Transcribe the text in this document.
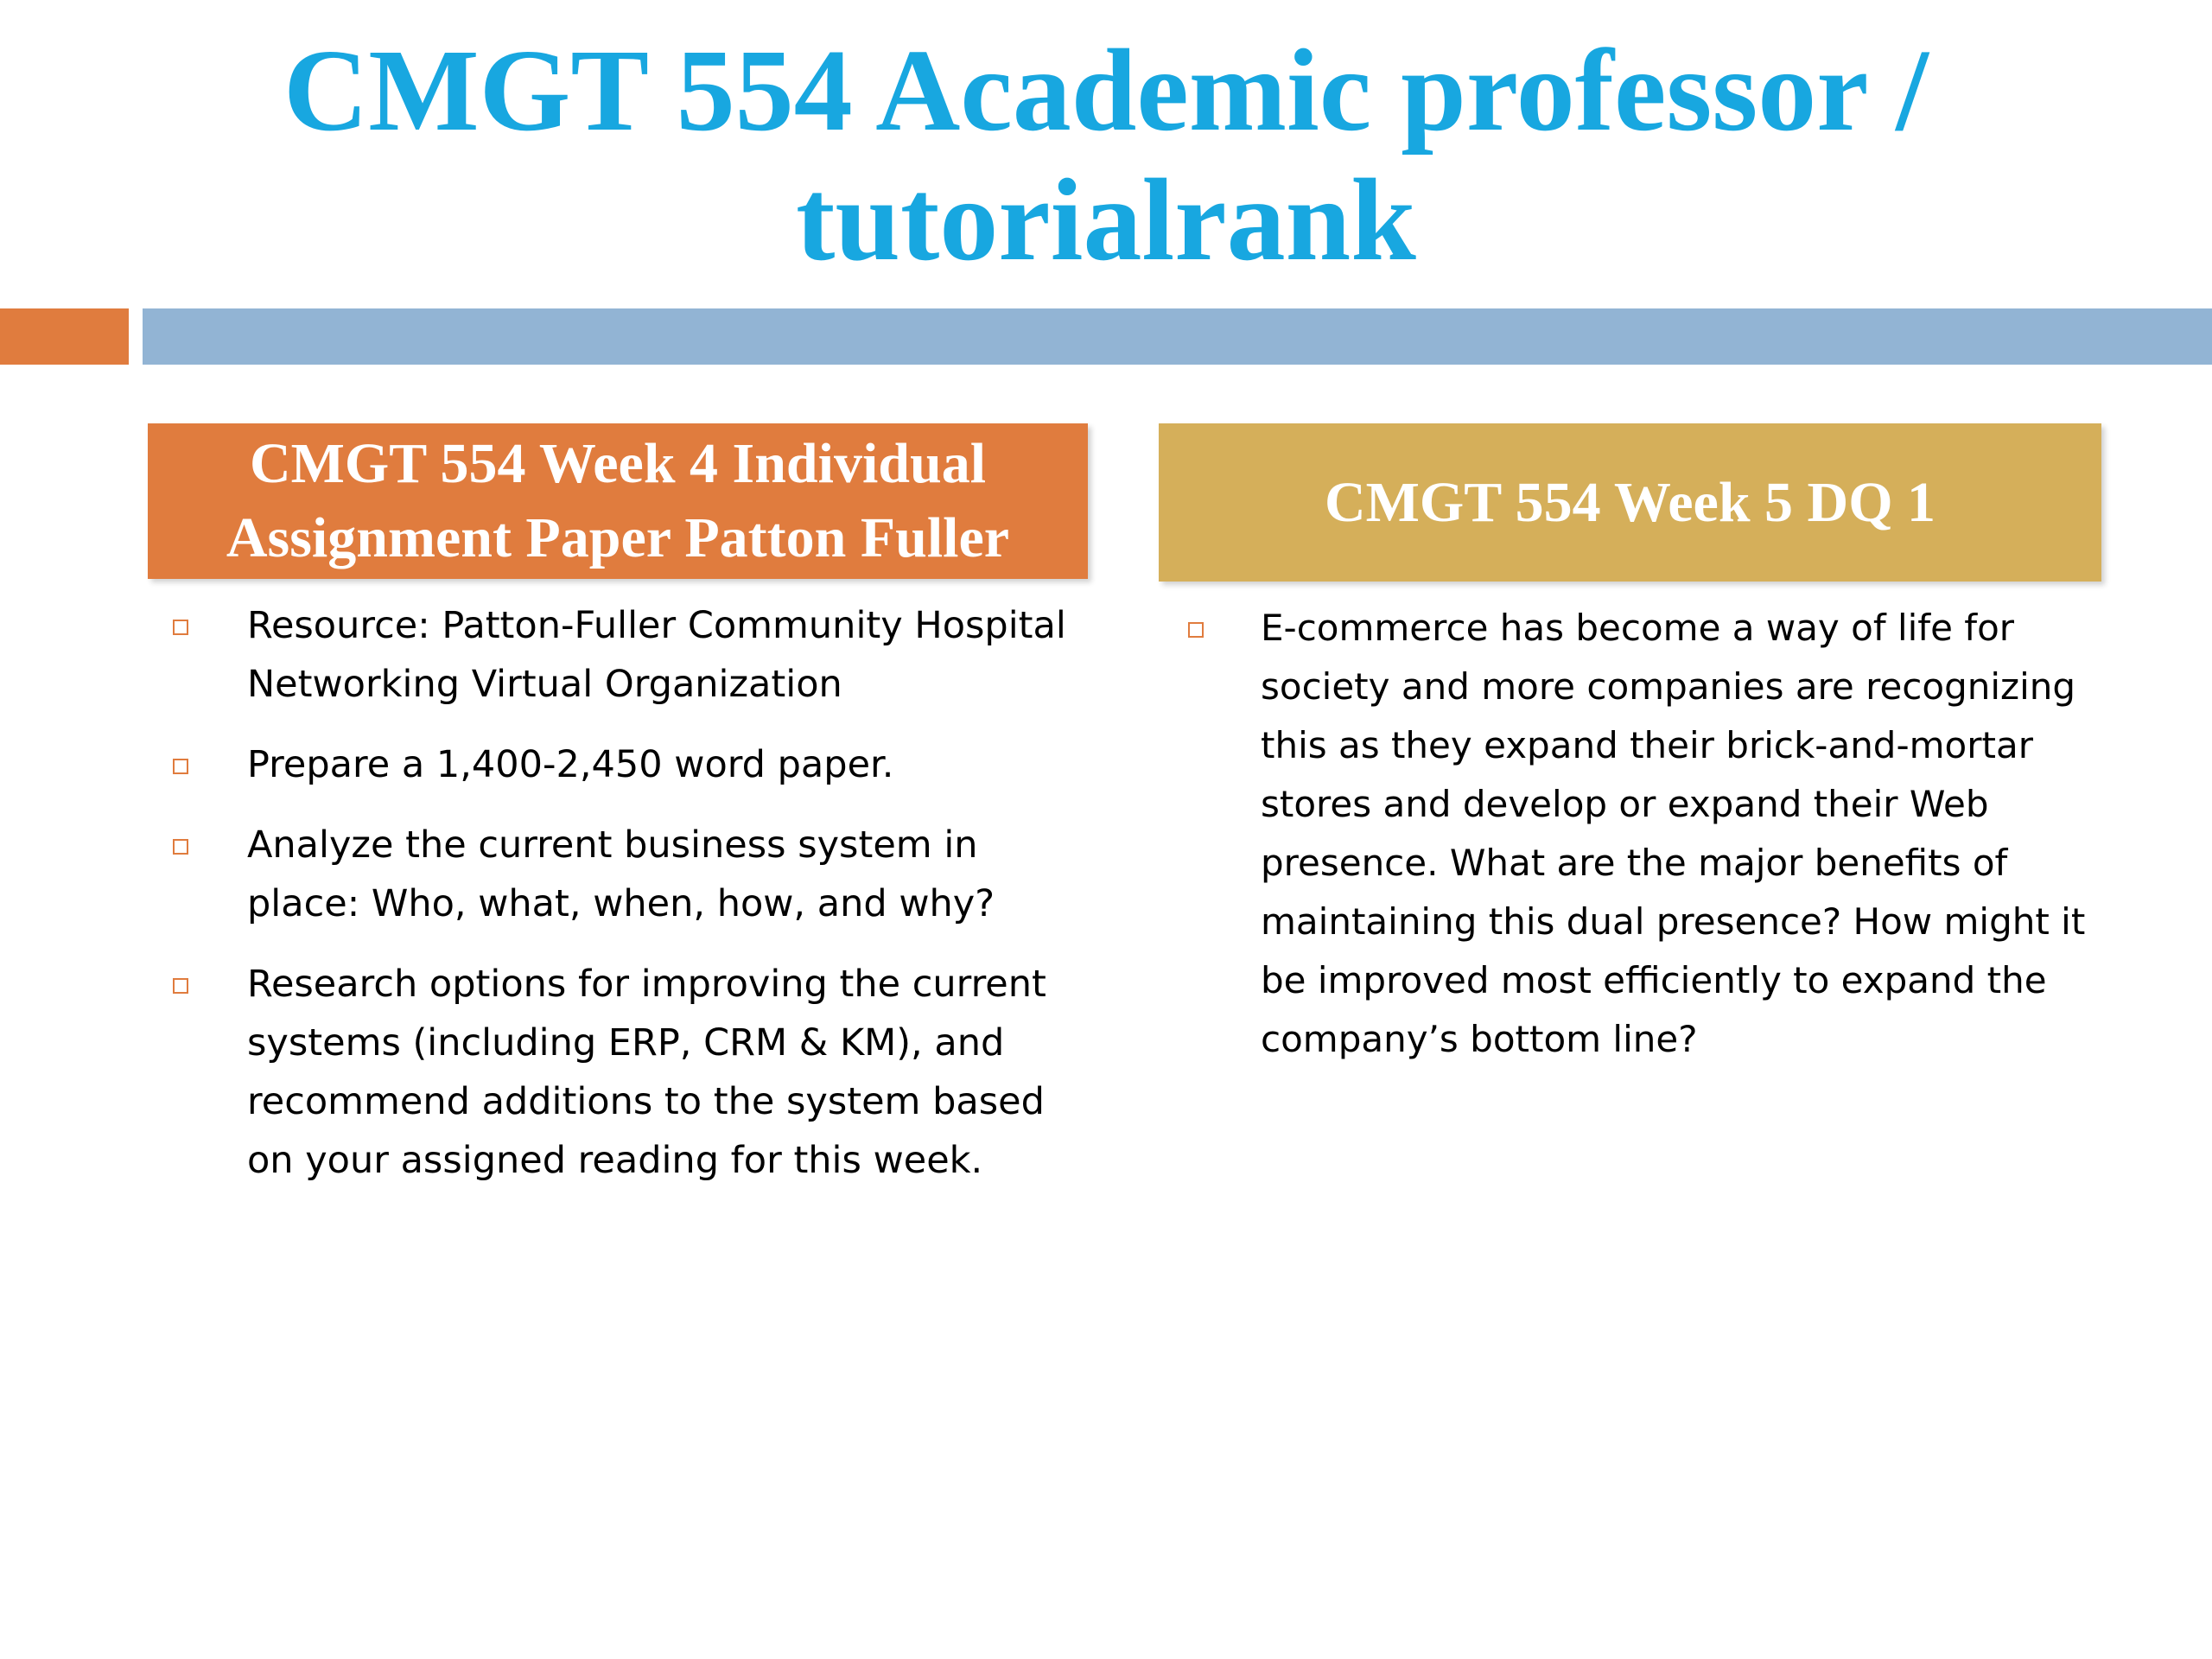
CMGT 554 Academic professor /
tutorialrank
CMGT 554 Week 4 Individual
Assignment Paper Patton Fuller
Resource: Patton-Fuller Community Hospital Networking Virtual Organization
Prepare a 1,400-2,450 word paper.
Analyze the current business system in place: Who, what, when, how, and why?
Research options for improving the current systems (including ERP, CRM & KM), and recommend additions to the system based on your assigned reading for this week.
CMGT 554 Week 5 DQ 1
E-commerce has become a way of life for society and more companies are recognizing this as they expand their brick-and-mortar stores and develop or expand their Web presence. What are the major benefits of maintaining this dual presence? How might it be improved most efficiently to expand the company’s bottom line?
